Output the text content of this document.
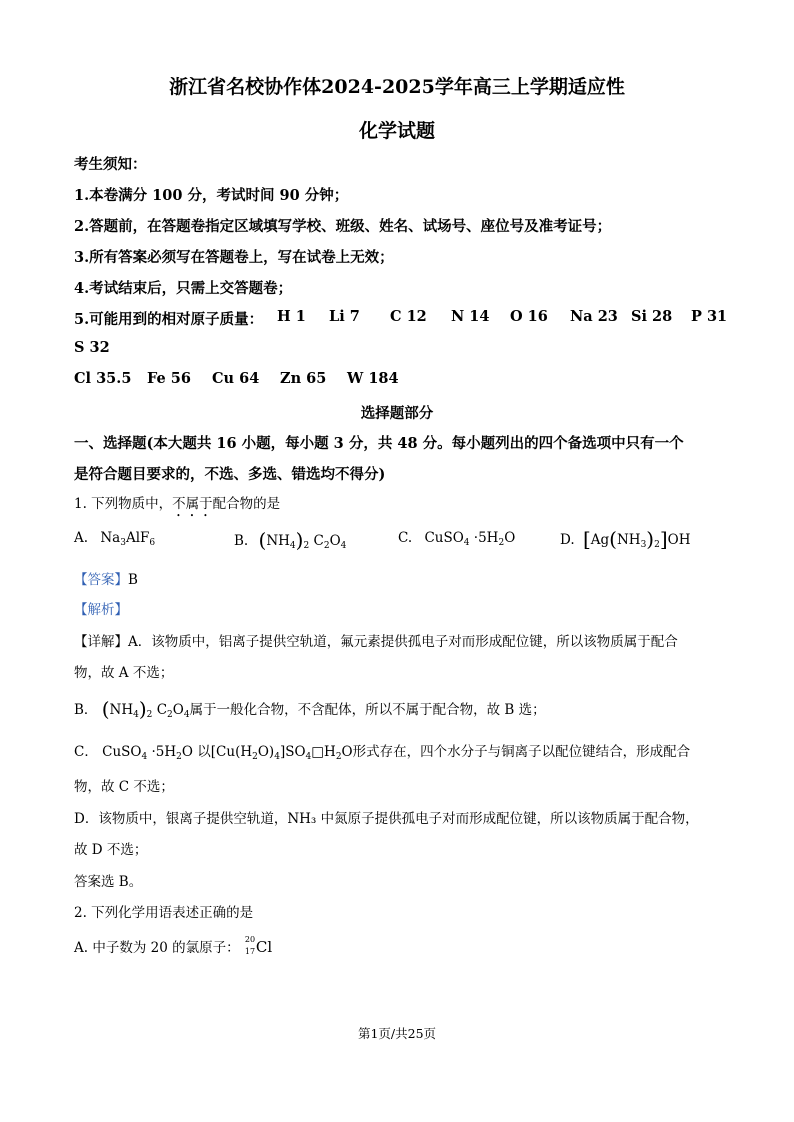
浙江省名校协作体2024-2025学年高三上学期适应性
化学试题
考生须知：
1.本卷满分 100 分，考试时间 90 分钟；
2.答题前，在答题卷指定区域填写学校、班级、姓名、试场号、座位号及准考证号；
3.所有答案必须写在答题卷上，写在试卷上无效；
4.考试结束后，只需上交答题卷；
5.可能用到的相对原子质量： H 1 Li 7 C 12 N 14 O 16 Na 23 Si 28 P 31
S 32
Cl 35.5 Fe 56 Cu 64 Zn 65 W 184
选择题部分
一、选择题(本大题共 16 小题，每小题 3 分，共 48 分。每小题列出的四个备选项中只有一个
是符合题目要求的，不选、多选、错选均不得分)
1. 下列物质中，不属于配合物的是
A. $Na_3AlF_6$	B. $(NH_4)_2$ $C_2O_4$	C. CuSO$_4$ $\cdot 5H_2O$	D. $[Ag(NH_3)_2]OH$
【答案】B
【解析】
【详解】A．该物质中，铝离子提供空轨道，氟元素提供孤电子对而形成配位键，所以该物质属于配合
物，故 A 不选；
B． $(NH_4)_2$ $C_2O_4$属于一般化合物，不含配体，所以不属于配合物，故 B 选；
C． CuSO$_4$ $\cdot 5H_2O$ 以$[Cu(H_2O)_4]SO_4□H_2O$形式存在，四个水分子与铜离子以配位键结合，形成配合
物，故 C 不选；
D．该物质中，银离子提供空轨道，NH₃ 中氮原子提供孤电子对而形成配位键，所以该物质属于配合物，
故 D 不选；
答案选 B。
2. 下列化学用语表述正确的是
A. 中子数为 20 的氯原子：
20
17 Cl
第1页/共25页
